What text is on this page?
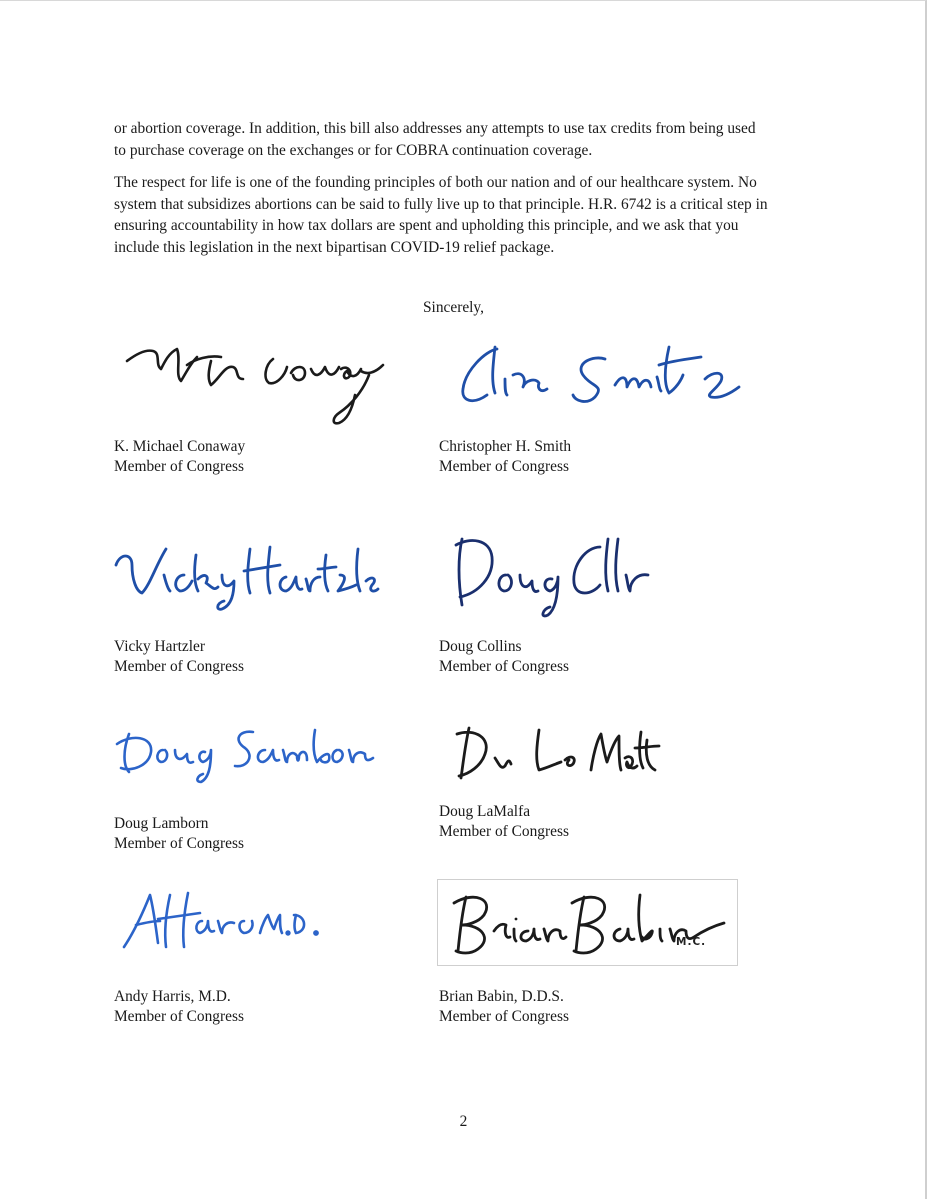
or abortion coverage. In addition, this bill also addresses any attempts to use tax credits from being used
to purchase coverage on the exchanges or for COBRA continuation coverage.

The respect for life is one of the founding principles of both our nation and of our healthcare system. No
system that subsidizes abortions can be said to fully live up to that principle. H.R. 6742 is a critical step in
ensuring accountability in how tax dollars are spent and upholding this principle, and we ask that you
include this legislation in the next bipartisan COVID-19 relief package.

Sincerely,
K. Michael Conaway
Member of Congress
Christopher H. Smith
Member of Congress
Vicky Hartzler
Member of Congress
Doug Collins
Member of Congress
Doug Lamborn
Member of Congress
Doug LaMalfa
Member of Congress
M.C.
Andy Harris, M.D.
Member of Congress
Brian Babin, D.D.S.
Member of Congress
2
